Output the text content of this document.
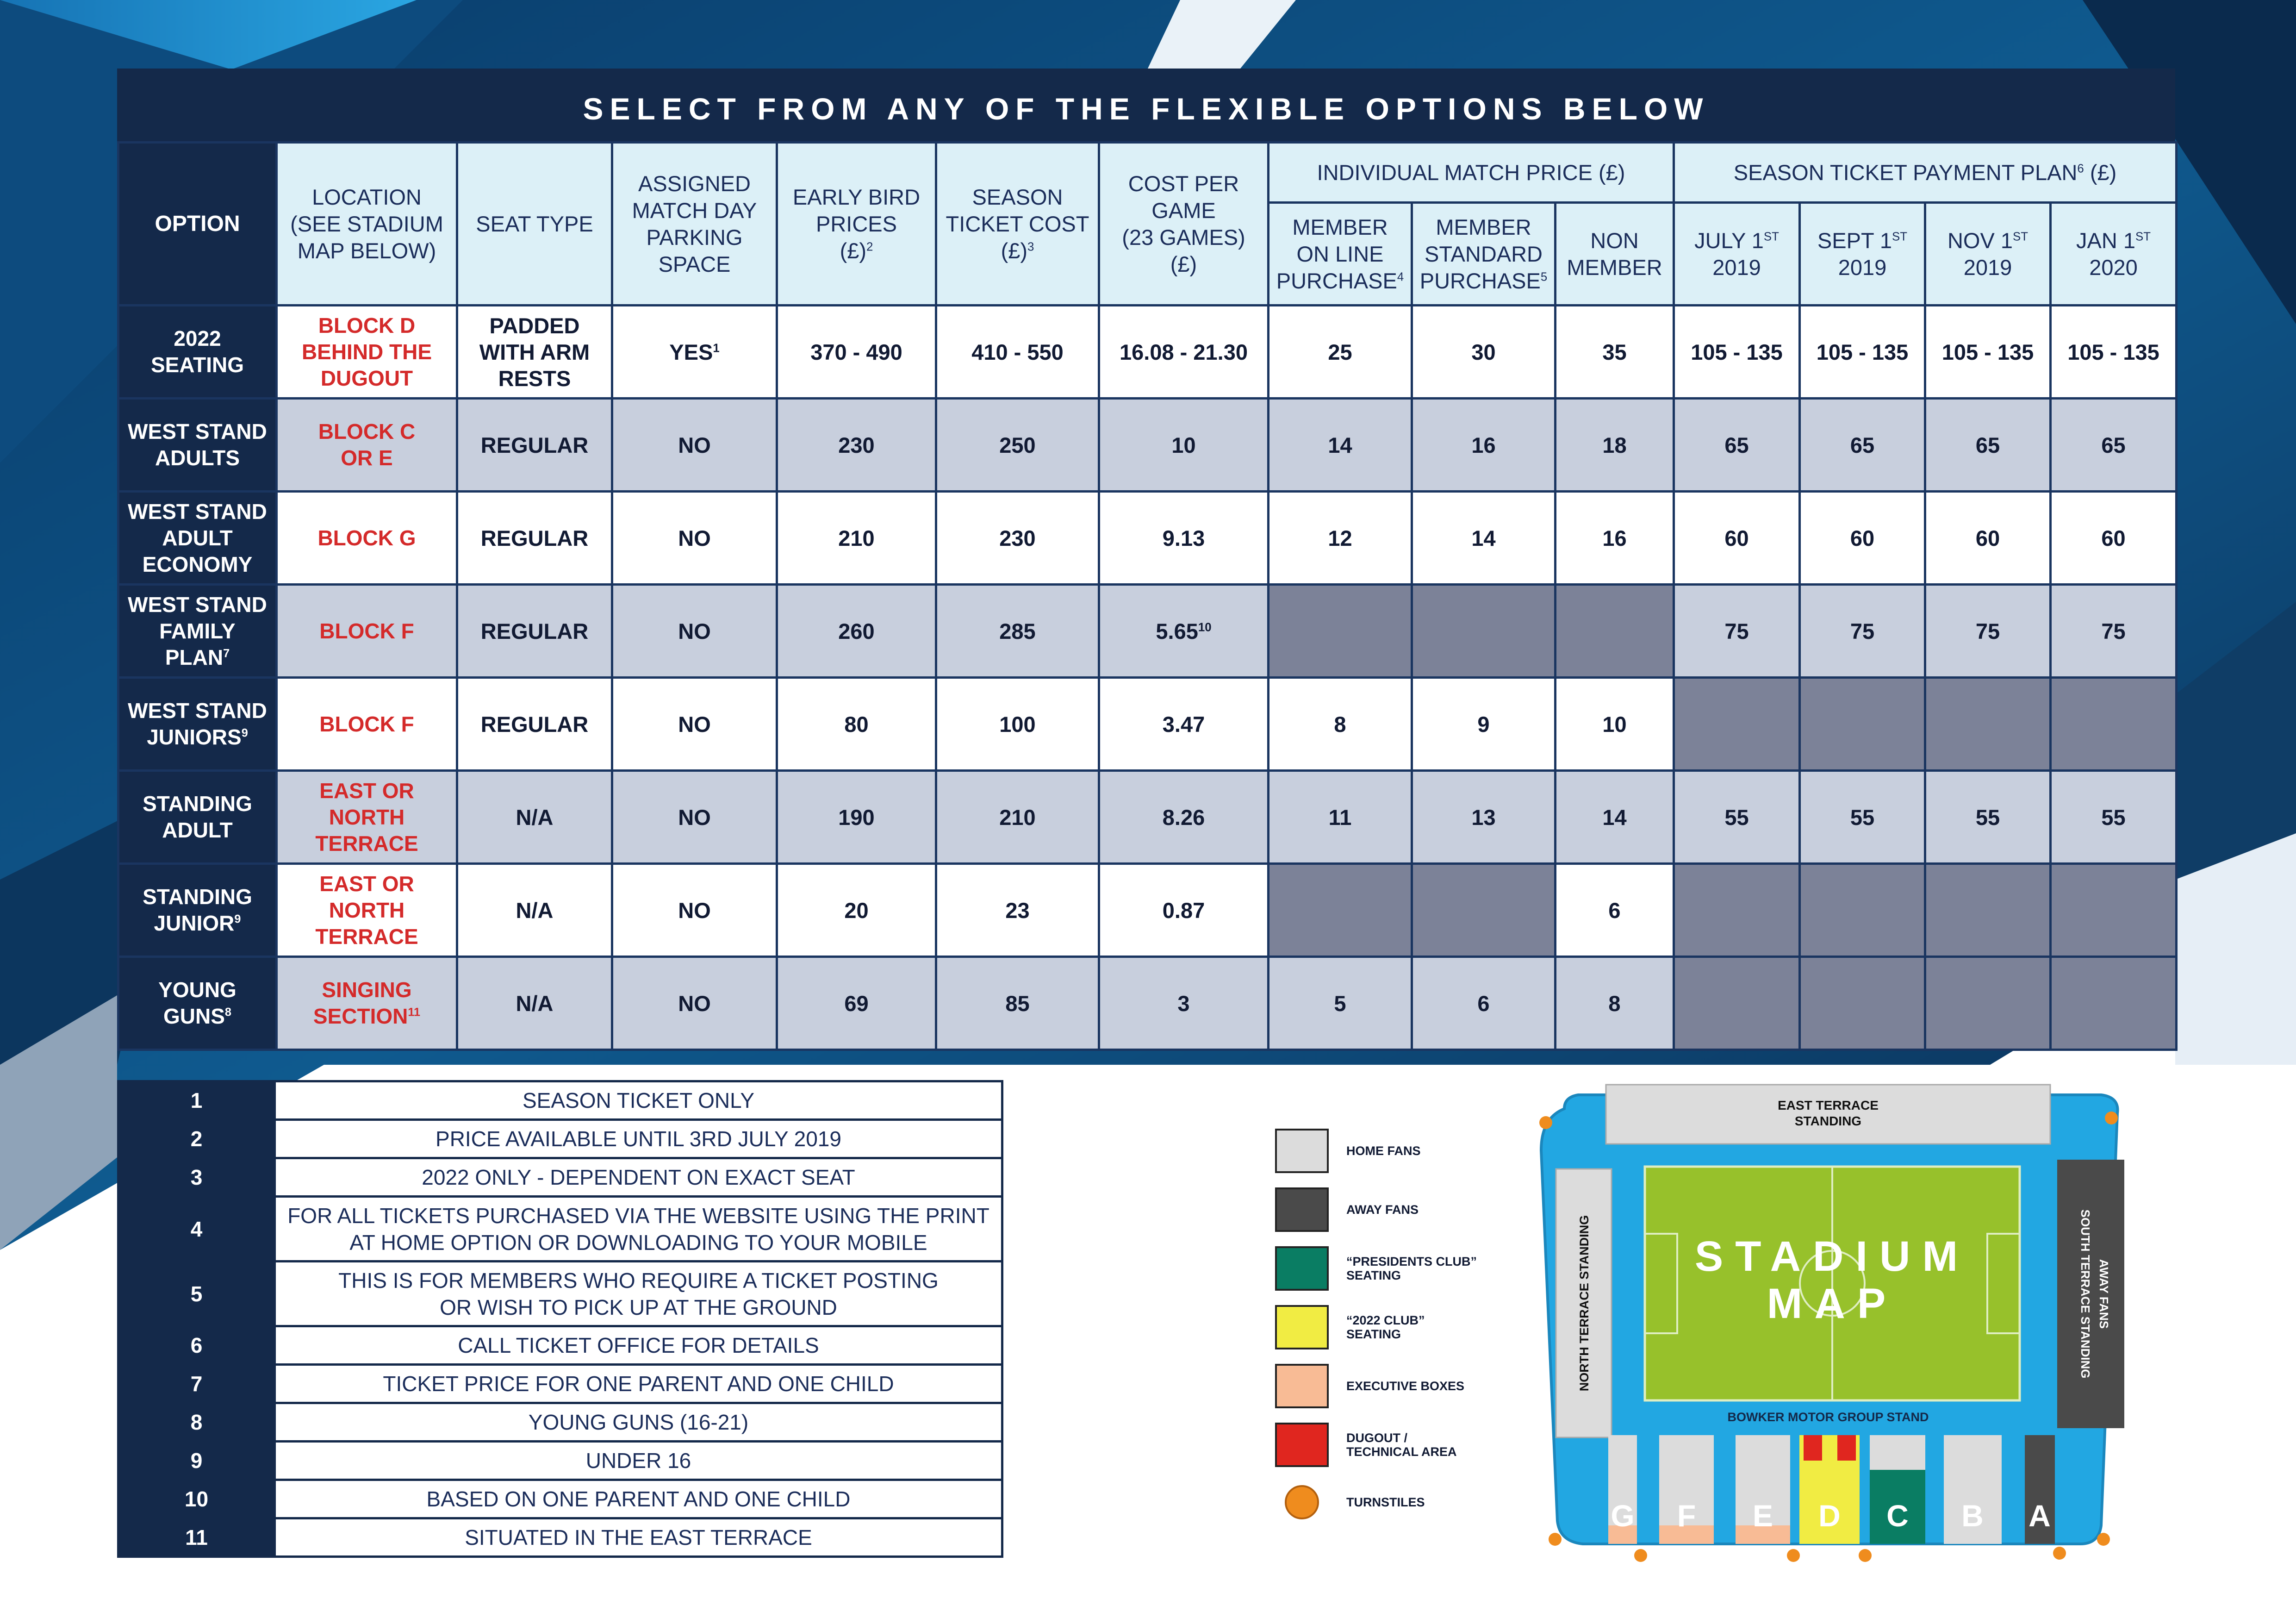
SELECT FROM ANY OF THE FLEXIBLE OPTIONS BELOW
OPTION	LOCATION
(SEE STADIUM
MAP BELOW)	SEAT TYPE	ASSIGNED
MATCH DAY
PARKING
SPACE	EARLY BIRD
PRICES
(£)$^2$	SEASON
TICKET COST
(£)$^3$	COST PER
GAME
(23 GAMES)
(£)	INDIVIDUAL MATCH PRICE (£)			SEASON TICKET PAYMENT PLAN$^6$ (£)			
							MEMBER
ON LINE
PURCHASE$^4$	MEMBER
STANDARD
PURCHASE$^5$	NON
MEMBER	JULY 1ST
2019	SEPT 1ST
2019	NOV 1ST
2019	JAN 1ST
2020
2022
SEATING	BLOCK D
BEHIND THE
DUGOUT	PADDED
WITH ARM
RESTS	YES$^1$	370 - 490	410 - 550	16.08 - 21.30	25	30	35	105 - 135	105 - 135	105 - 135	105 - 135
WEST STAND
ADULTS	BLOCK C
OR E	REGULAR	NO	230	250	10	14	16	18	65	65	65	65
WEST STAND
ADULT
ECONOMY	BLOCK G	REGULAR	NO	210	230	9.13	12	14	16	60	60	60	60
WEST STAND
FAMILY
PLAN$^7$	BLOCK F	REGULAR	NO	260	285	5.65$^{10}$				75	75	75	75
WEST STAND
JUNIORS$^9$	BLOCK F	REGULAR	NO	80	100	3.47	8	9	10				
STANDING
ADULT	EAST OR NORTH
TERRACE	N/A	NO	190	210	8.26	11	13	14	55	55	55	55
STANDING
JUNIOR$^9$	EAST OR NORTH
TERRACE	N/A	NO	20	23	0.87			6				
YOUNG
GUNS$^8$	SINGING
SECTION$^{11}$	N/A	NO	69	85	3	5	6	8				
1	SEASON TICKET ONLY
2	PRICE AVAILABLE UNTIL 3RD JULY 2019
3	2022 ONLY - DEPENDENT ON EXACT SEAT
4	FOR ALL TICKETS PURCHASED VIA THE WEBSITE USING THE PRINT
AT HOME OPTION OR DOWNLOADING TO YOUR MOBILE
5	THIS IS FOR MEMBERS WHO REQUIRE A TICKET POSTING
OR WISH TO PICK UP AT THE GROUND
6	CALL TICKET OFFICE FOR DETAILS
7	TICKET PRICE FOR ONE PARENT AND ONE CHILD
8	YOUNG GUNS (16-21)
9	UNDER 16
10	BASED ON ONE PARENT AND ONE CHILD
11	SITUATED IN THE EAST TERRACE
HOME FANS
AWAY FANS
“PRESIDENTS CLUB”
SEATING
“2022 CLUB”
SEATING
EXECUTIVE BOXES
DUGOUT /
TECHNICAL AREA
TURNSTILES
EAST TERRACE
STANDING
NORTH TERRACE STANDING	SOUTH TERRACE STANDING AWAY FANS
STADIUM
MAP
BOWKER MOTOR GROUP STAND
G F E D C B A
